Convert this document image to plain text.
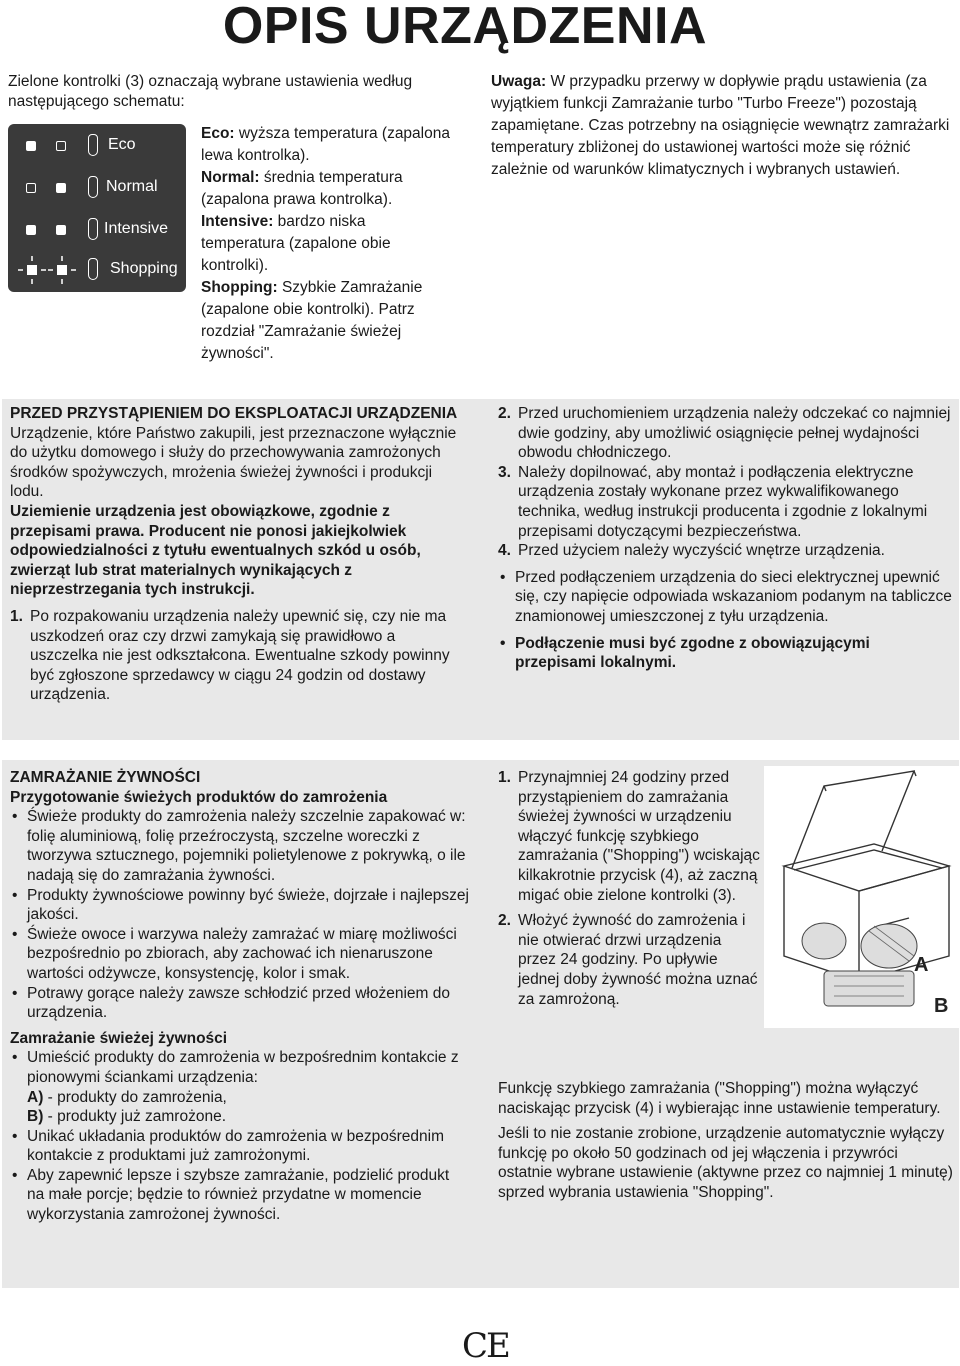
OPIS URZĄDZENIA
Zielone kontrolki (3) oznaczają wybrane ustawienia według następującego schematu:
Eco
Normal
Intensive
Shopping
Eco: wyższa temperatura (zapalona lewa kontrolka).
Normal: średnia temperatura (zapalona prawa kontrolka).
Intensive: bardzo niska temperatura (zapalone obie kontrolki).
Shopping: Szybkie Zamrażanie (zapalone obie kontrolki). Patrz rozdział "Zamrażanie świeżej żywności".
Uwaga: W przypadku przerwy w dopływie prądu ustawienia (za wyjątkiem funkcji Zamrażanie turbo "Turbo Freeze") pozostają zapamiętane. Czas potrzebny na osiągnięcie wewnątrz zamrażarki temperatury zbliżonej do ustawionej wartości może się różnić zależnie od warunków klimatycznych i wybranych ustawień.
PRZED PRZYSTĄPIENIEM DO EKSPLOATACJI URZĄDZENIA
Urządzenie, które Państwo zakupili, jest przeznaczone wyłącznie do użytku domowego i służy do przechowywania zamrożonych środków spożywczych, mrożenia świeżej żywności i produkcji lodu.
Uziemienie urządzenia jest obowiązkowe, zgodnie z przepisami prawa. Producent nie ponosi jakiejkolwiek odpowiedzialności z tytułu ewentualnych szkód u osób, zwierząt lub strat materialnych wynikających z nieprzestrzegania tych instrukcji.
1. Po rozpakowaniu urządzenia należy upewnić się, czy nie ma uszkodzeń oraz czy drzwi zamykają się prawidłowo a uszczelka nie jest odkształcona. Ewentualne szkody powinny być zgłoszone sprzedawcy w ciągu 24 godzin od dostawy urządzenia.
2. Przed uruchomieniem urządzenia należy odczekać co najmniej dwie godziny, aby umożliwić osiągnięcie pełnej wydajności obwodu chłodniczego.
3. Należy dopilnować, aby montaż i podłączenia elektryczne urządzenia zostały wykonane przez wykwalifikowanego technika, według instrukcji producenta i zgodnie z lokalnymi przepisami dotyczącymi bezpieczeństwa.
4. Przed użyciem należy wyczyścić wnętrze urządzenia.
• Przed podłączeniem urządzenia do sieci elektrycznej upewnić się, czy napięcie odpowiada wskazaniom podanym na tabliczce znamionowej umieszczonej z tyłu urządzenia.
• Podłączenie musi być zgodne z obowiązującymi przepisami lokalnymi.
ZAMRAŻANIE ŻYWNOŚCI
Przygotowanie świeżych produktów do zamrożenia
• Świeże produkty do zamrożenia należy szczelnie zapakować w: folię aluminiową, folię przeźroczystą, szczelne woreczki z tworzywa sztucznego, pojemniki polietylenowe z pokrywką, o ile nadają się do zamrażania żywności.
• Produkty żywnościowe powinny być świeże, dojrzałe i najlepszej jakości.
• Świeże owoce i warzywa należy zamrażać w miarę możliwości bezpośrednio po zbiorach, aby zachować ich nienaruszone wartości odżywcze, konsystencję, kolor i smak.
• Potrawy gorące należy zawsze schłodzić przed włożeniem do urządzenia.
Zamrażanie świeżej żywności
• Umieścić produkty do zamrożenia w bezpośrednim kontakcie z pionowymi ściankami urządzenia:
A) - produkty do zamrożenia,
B) - produkty już zamrożone.
• Unikać układania produktów do zamrożenia w bezpośrednim kontakcie z produktami już zamrożonymi.
• Aby zapewnić lepsze i szybsze zamrażanie, podzielić produkt na małe porcje; będzie to również przydatne w momencie wykorzystania zamrożonej żywności.
1. Przynajmniej 24 godziny przed przystąpieniem do zamrażania świeżej żywności w urządzeniu włączyć funkcję szybkiego zamrażania ("Shopping") wciskając kilkakrotnie przycisk (4), aż zaczną migać obie zielone kontrolki (3).
2. Włożyć żywność do zamrożenia i nie otwierać drzwi urządzenia przez 24 godziny. Po upływie jednej doby żywność można uznać za zamrożoną.
A
B
Funkcję szybkiego zamrażania ("Shopping") można wyłączyć naciskając przycisk (4) i wybierając inne ustawienie temperatury.
Jeśli to nie zostanie zrobione, urządzenie automatycznie wyłączy funkcję po około 50 godzinach od jej włączenia i przywróci ostatnie wybrane ustawienie (aktywne przez co najmniej 1 minutę) sprzed wybrania ustawienia "Shopping".
CE
